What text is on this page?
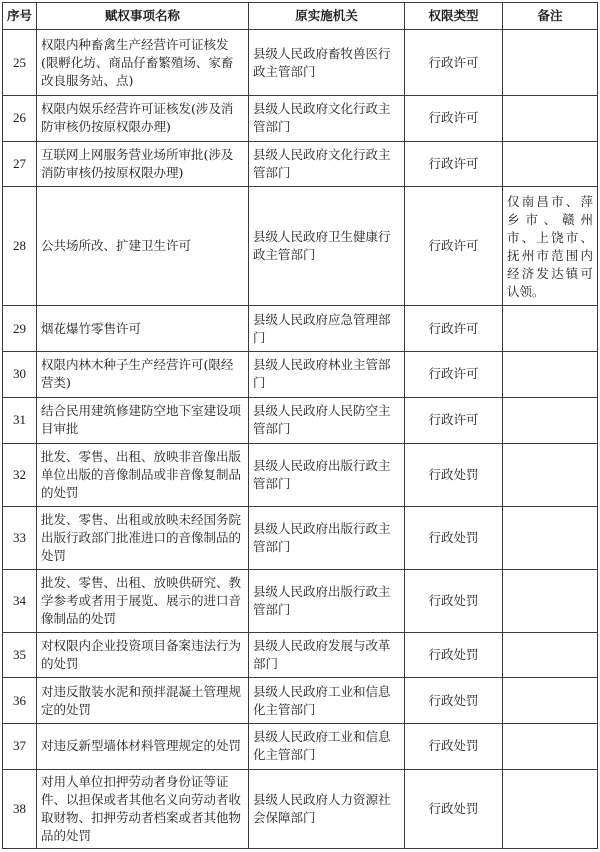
序号	赋权事项名称	原实施机关	权限类型	备注
25	权限内种畜禽生产经营许可证核发(限孵化坊、商品仔畜繁殖场、家畜改良服务站、点)	县级人民政府畜牧兽医行政主管部门	行政许可	
26	权限内娱乐经营许可证核发(涉及消防审核仍按原权限办理)	县级人民政府文化行政主管部门	行政许可	
27	互联网上网服务营业场所审批(涉及消防审核仍按原权限办理)	县级人民政府文化行政主管部门	行政许可	
28	公共场所改、扩建卫生许可	县级人民政府卫生健康行政主管部门	行政许可	仅南昌市、萍乡市、赣州市、上饶市、抚州市范围内经济发达镇可认领。
29	烟花爆竹零售许可	县级人民政府应急管理部门	行政许可	
30	权限内林木种子生产经营许可(限经营类)	县级人民政府林业主管部门	行政许可	
31	结合民用建筑修建防空地下室建设项目审批	县级人民政府人民防空主管部门	行政许可	
32	批发、零售、出租、放映非音像出版单位出版的音像制品或非音像复制品的处罚	县级人民政府出版行政主管部门	行政处罚	
33	批发、零售、出租或放映未经国务院出版行政部门批准进口的音像制品的处罚	县级人民政府出版行政主管部门	行政处罚	
34	批发、零售、出租、放映供研究、教学参考或者用于展览、展示的进口音像制品的处罚	县级人民政府出版行政主管部门	行政处罚	
35	对权限内企业投资项目备案违法行为的处罚	县级人民政府发展与改革部门	行政处罚	
36	对违反散装水泥和预拌混凝土管理规定的处罚	县级人民政府工业和信息化主管部门	行政处罚	
37	对违反新型墙体材料管理规定的处罚	县级人民政府工业和信息化主管部门	行政处罚	
38	对用人单位扣押劳动者身份证等证件、以担保或者其他名义向劳动者收取财物、扣押劳动者档案或者其他物品的处罚	县级人民政府人力资源社会保障部门	行政处罚	
